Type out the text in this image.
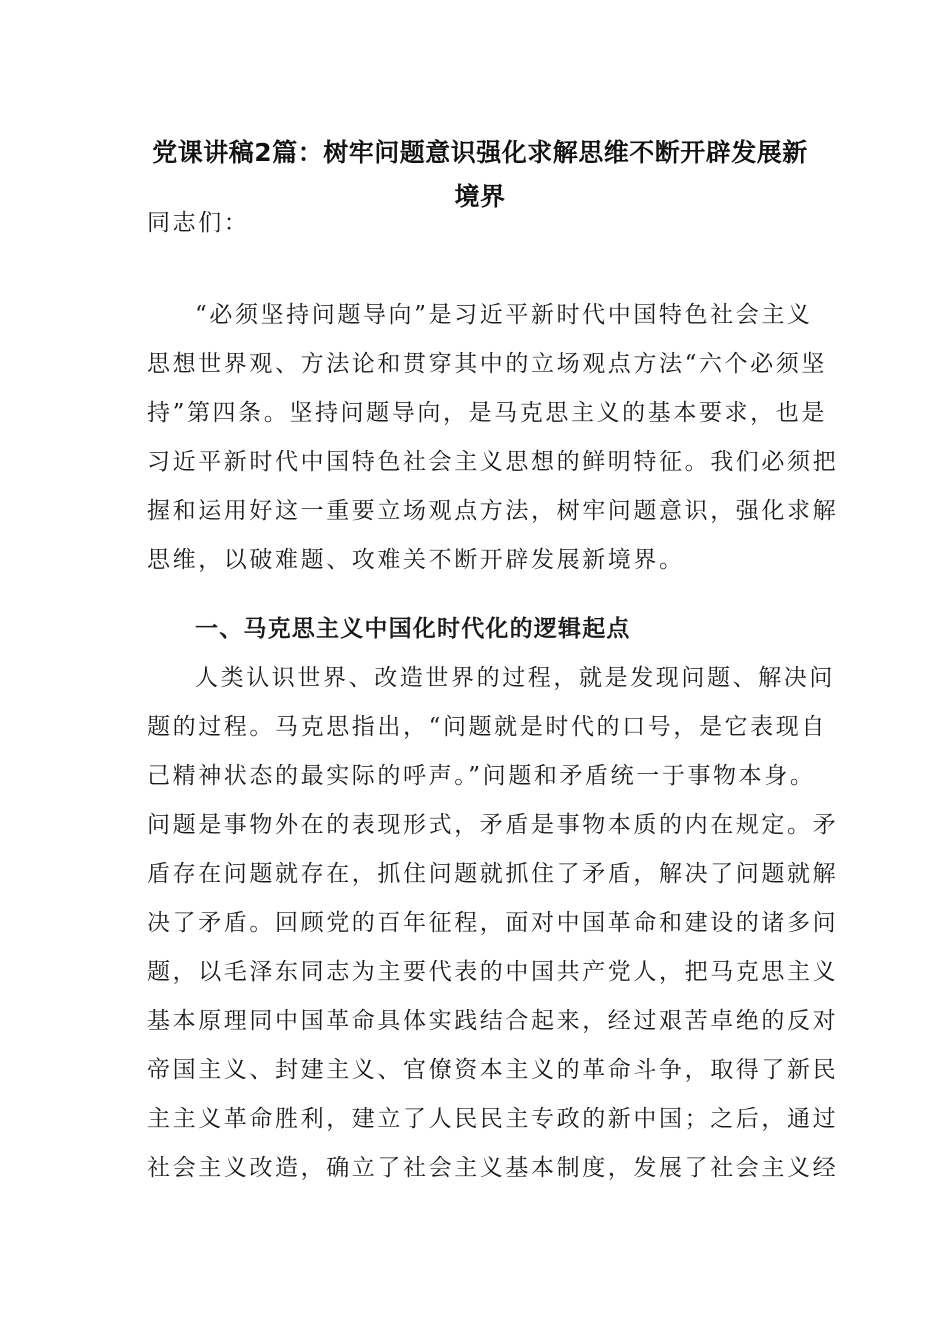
党课讲稿2篇：树牢问题意识强化求解思维不断开辟发展新
境界
同志们：
“必须坚持问题导向”是习近平新时代中国特色社会主义
思想世界观、方法论和贯穿其中的立场观点方法“六个必须坚
持”第四条。坚持问题导向，是马克思主义的基本要求，也是
习近平新时代中国特色社会主义思想的鲜明特征。我们必须把
握和运用好这一重要立场观点方法，树牢问题意识，强化求解
思维，以破难题、攻难关不断开辟发展新境界。
一、马克思主义中国化时代化的逻辑起点
人类认识世界、改造世界的过程，就是发现问题、解决问
题的过程。马克思指出，“问题就是时代的口号，是它表现自
己精神状态的最实际的呼声。”问题和矛盾统一于事物本身。
问题是事物外在的表现形式，矛盾是事物本质的内在规定。矛
盾存在问题就存在，抓住问题就抓住了矛盾，解决了问题就解
决了矛盾。回顾党的百年征程，面对中国革命和建设的诸多问
题，以毛泽东同志为主要代表的中国共产党人，把马克思主义
基本原理同中国革命具体实践结合起来，经过艰苦卓绝的反对
帝国主义、封建主义、官僚资本主义的革命斗争，取得了新民
主主义革命胜利，建立了人民民主专政的新中国；之后，通过
社会主义改造，确立了社会主义基本制度，发展了社会主义经
